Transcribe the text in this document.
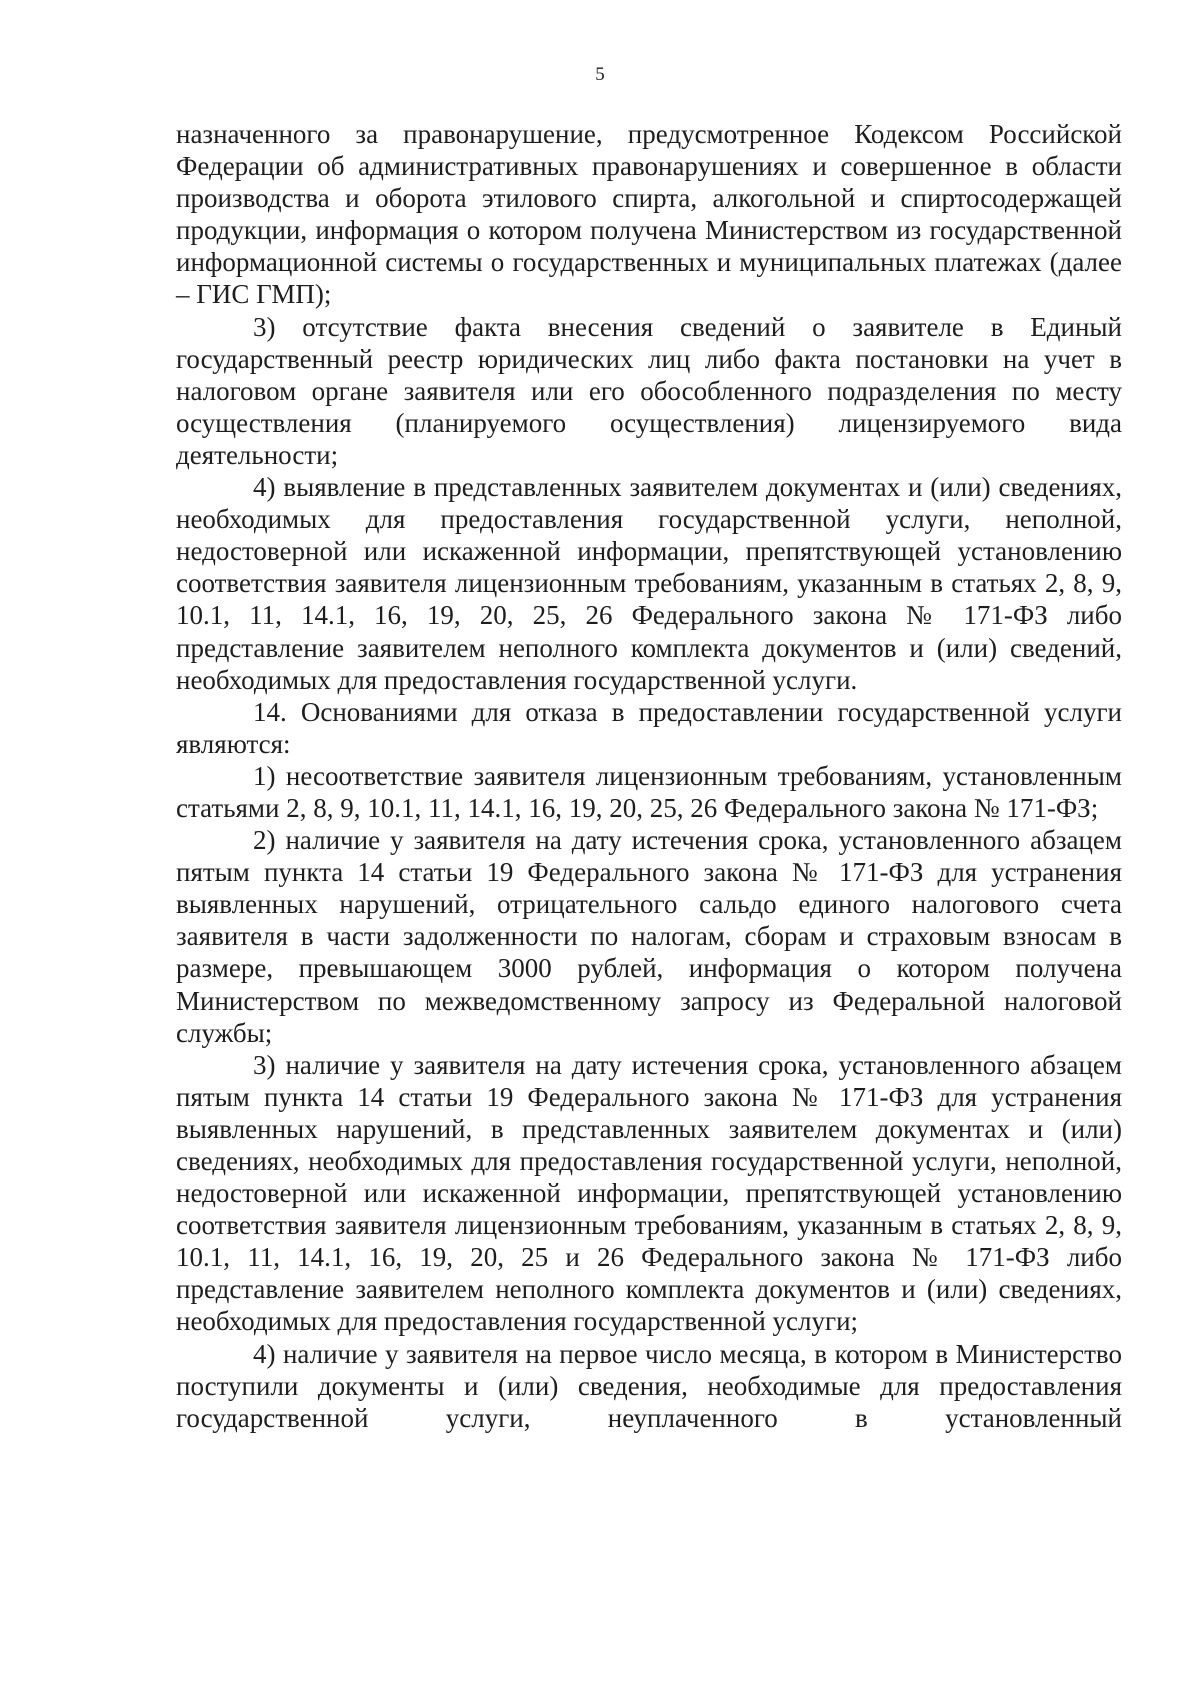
5

назначенного за правонарушение, предусмотренное Кодексом Российской Федерации об административных правонарушениях и совершенное в области производства и оборота этилового спирта, алкогольной и спиртосодержащей продукции, информация о котором получена Министерством из государственной информационной системы о государственных и муниципальных платежах (далее – ГИС ГМП);

3) отсутствие факта внесения сведений о заявителе в Единый государственный реестр юридических лиц либо факта постановки на учет в налоговом органе заявителя или его обособленного подразделения по месту осуществления (планируемого осуществления) лицензируемого вида деятельности;

4) выявление в представленных заявителем документах и (или) сведениях, необходимых для предоставления государственной услуги, неполной, недостоверной или искаженной информации, препятствующей установлению соответствия заявителя лицензионным требованиям, указанным в статьях 2, 8, 9, 10.1, 11, 14.1, 16, 19, 20, 25, 26 Федерального закона № 171-ФЗ либо представление заявителем неполного комплекта документов и (или) сведений, необходимых для предоставления государственной услуги.

14. Основаниями для отказа в предоставлении государственной услуги являются:

1) несоответствие заявителя лицензионным требованиям, установленным статьями 2, 8, 9, 10.1, 11, 14.1, 16, 19, 20, 25, 26 Федерального закона № 171-ФЗ;

2) наличие у заявителя на дату истечения срока, установленного абзацем пятым пункта 14 статьи 19 Федерального закона № 171-ФЗ для устранения выявленных нарушений, отрицательного сальдо единого налогового счета заявителя в части задолженности по налогам, сборам и страховым взносам в размере, превышающем 3000 рублей, информация о котором получена Министерством по межведомственному запросу из Федеральной налоговой службы;

3) наличие у заявителя на дату истечения срока, установленного абзацем пятым пункта 14 статьи 19 Федерального закона № 171-ФЗ для устранения выявленных нарушений, в представленных заявителем документах и (или) сведениях, необходимых для предоставления государственной услуги, неполной, недостоверной или искаженной информации, препятствующей установлению соответствия заявителя лицензионным требованиям, указанным в статьях 2, 8, 9, 10.1, 11, 14.1, 16, 19, 20, 25 и 26 Федерального закона № 171-ФЗ либо представление заявителем неполного комплекта документов и (или) сведениях, необходимых для предоставления государственной услуги;

4) наличие у заявителя на первое число месяца, в котором в Министерство поступили документы и (или) сведения, необходимые для предоставления государственной услуги, неуплаченного в установленный
